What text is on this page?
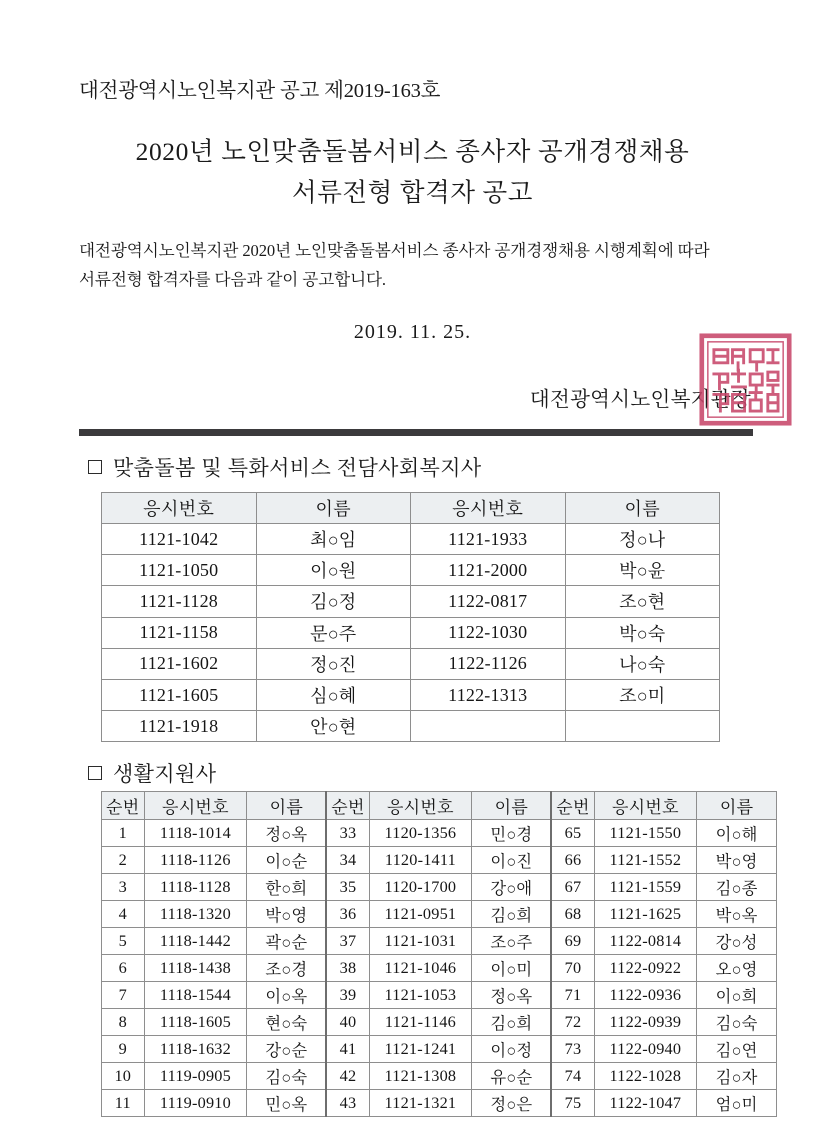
대전광역시노인복지관 공고 제2019-163호
2020년 노인맞춤돌봄서비스 종사자 공개경쟁채용
서류전형 합격자 공고
대전광역시노인복지관 2020년 노인맞춤돌봄서비스 종사자 공개경쟁채용 시행계획에 따라
서류전형 합격자를 다음과 같이 공고합니다.
2019. 11. 25.
대전광역시노인복지관장
맞춤돌봄 및 특화서비스 전담사회복지사
응시번호	이름	응시번호	이름
1121-1042	최○임	1121-1933	정○나
1121-1050	이○원	1121-2000	박○윤
1121-1128	김○정	1122-0817	조○현
1121-1158	문○주	1122-1030	박○숙
1121-1602	정○진	1122-1126	나○숙
1121-1605	심○혜	1122-1313	조○미
1121-1918	안○현		
생활지원사
순번	응시번호	이름	순번	응시번호	이름	순번	응시번호	이름
1	1118-1014	정○옥	33	1120-1356	민○경	65	1121-1550	이○해
2	1118-1126	이○순	34	1120-1411	이○진	66	1121-1552	박○영
3	1118-1128	한○희	35	1120-1700	강○애	67	1121-1559	김○종
4	1118-1320	박○영	36	1121-0951	김○희	68	1121-1625	박○옥
5	1118-1442	곽○순	37	1121-1031	조○주	69	1122-0814	강○성
6	1118-1438	조○경	38	1121-1046	이○미	70	1122-0922	오○영
7	1118-1544	이○옥	39	1121-1053	정○옥	71	1122-0936	이○희
8	1118-1605	현○숙	40	1121-1146	김○희	72	1122-0939	김○숙
9	1118-1632	강○순	41	1121-1241	이○정	73	1122-0940	김○연
10	1119-0905	김○숙	42	1121-1308	유○순	74	1122-1028	김○자
11	1119-0910	민○옥	43	1121-1321	정○은	75	1122-1047	엄○미
